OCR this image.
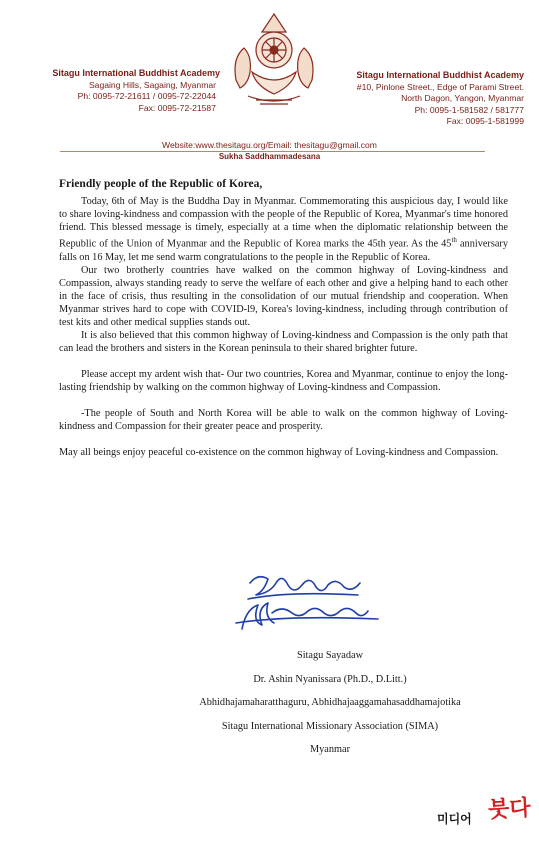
Sitagu International Buddhist Academy
Sagaing Hills, Sagaing, Myanmar
Ph: 0095-72-21611 / 0095-72-22044
Fax: 0095-72-21587
Sitagu International Buddhist Academy
#10, Pinlone Street., Edge of Parami Street.
North Dagon, Yangon, Myanmar
Ph: 0095-1-581582 / 581777
Fax: 0095-1-581999
Website:www.thesitagu.org/Email: thesitagu@gmail.com
Sukha Saddhammadesana
Friendly people of the Republic of Korea,

Today, 6th of May is the Buddha Day in Myanmar. Commemorating this auspicious day, I would like to share loving-kindness and compassion with the people of the Republic of Korea, Myanmar's time honored friend. This blessed message is timely, especially at a time when the diplomatic relationship between the Republic of the Union of Myanmar and the Republic of Korea marks the 45th year. As the 45th anniversary falls on 16 May, let me send warm congratulations to the people in the Republic of Korea.

Our two brotherly countries have walked on the common highway of Loving-kindness and Compassion, always standing ready to serve the welfare of each other and give a helping hand to each other in the face of crisis, thus resulting in the consolidation of our mutual friendship and cooperation. When Myanmar strives hard to cope with COVID-l9, Korea's loving-kindness, including through contribution of test kits and other medical supplies stands out.

It is also believed that this common highway of Loving-kindness and Compassion is the only path that can lead the brothers and sisters in the Korean peninsula to their shared brighter future.

Please accept my ardent wish that- Our two countries, Korea and Myanmar, continue to enjoy the long-lasting friendship by walking on the common highway of Loving-kindness and Compassion.

-The people of South and North Korea will be able to walk on the common highway of Loving-kindness and Compassion for their greater peace and prosperity.

May all beings enjoy peaceful co-existence on the common highway of Loving-kindness and Compassion.

Sitagu Sayadaw
Dr. Ashin Nyanissara (Ph.D., D.Litt.)
Abhidhajamaharatthaguru, Abhidhajaaggamahasaddhamajotika
Sitagu International Missionary Association (SIMA)
Myanmar
미디어 붓다
